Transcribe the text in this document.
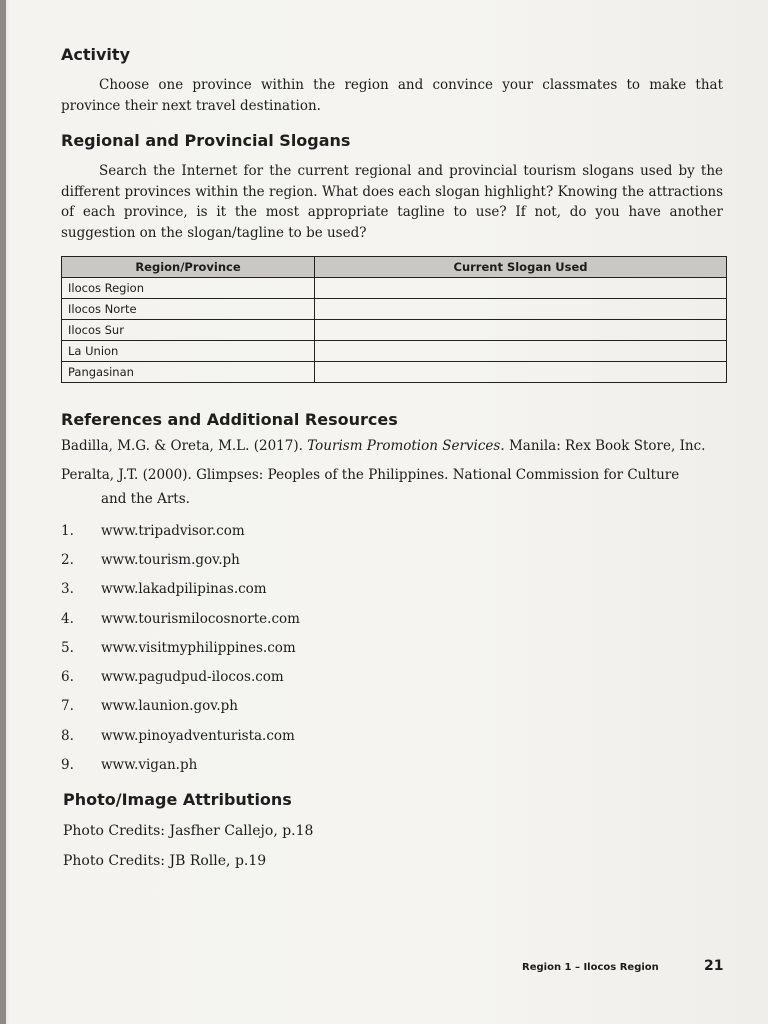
Activity

Choose one province within the region and convince your classmates to make that province their next travel destination.

Regional and Provincial Slogans

Search the Internet for the current regional and provincial tourism slogans used by the different provinces within the region. What does each slogan highlight? Knowing the attractions of each province, is it the most appropriate tagline to use? If not, do you have another suggestion on the slogan/tagline to be used?

Region/Province	Current Slogan Used
Ilocos Region	
Ilocos Norte	
Ilocos Sur	
La Union	
Pangasinan	
References and Additional Resources

Badilla, M.G. & Oreta, M.L. (2017). Tourism Promotion Services. Manila: Rex Book Store, Inc.

Peralta, J.T. (2000). Glimpses: Peoples of the Philippines. National Commission for Culture
and the Arts.

1.	www.tripadvisor.com
2.	www.tourism.gov.ph
3.	www.lakadpilipinas.com
4.	www.tourismilocosnorte.com
5.	www.visitmyphilippines.com
6.	www.pagudpud-ilocos.com
7.	www.launion.gov.ph
8.	www.pinoyadventurista.com
9.	www.vigan.ph
Photo/Image Attributions

Photo Credits: Jasfher Callejo, p.18

Photo Credits: JB Rolle, p.19

Region 1 – Ilocos Region	21
